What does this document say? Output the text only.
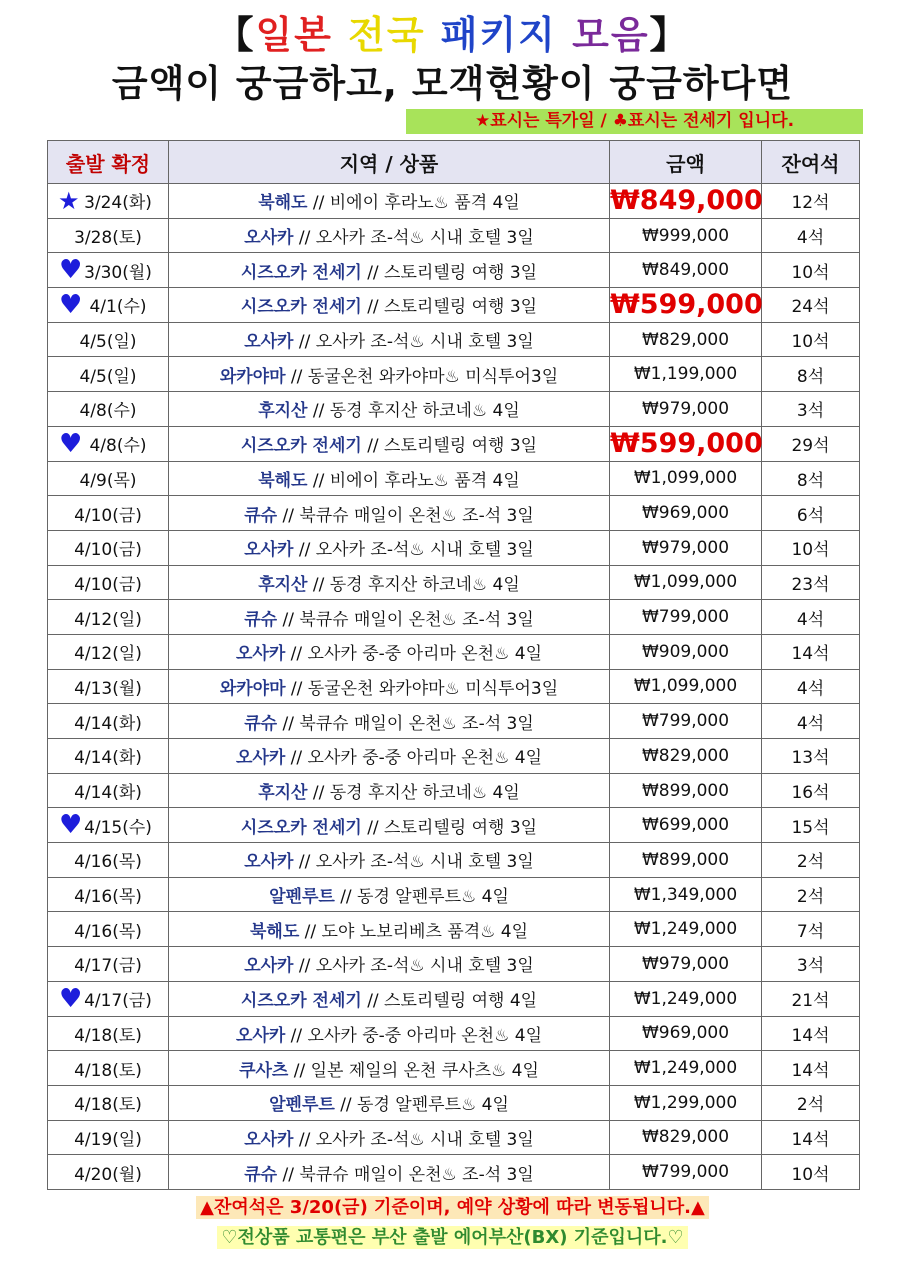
【일본 전국 패키지 모음】
금액이 궁금하고, 모객현황이 궁금하다면
★표시는 특가일 / ♣표시는 전세기 입니다.
출발 확정	지역 / 상품	금액	잔여석

★ 3/24(화)	북해도 // 비에이 후라노♨ 품격 4일	₩849,000	12석
3/28(토)	오사카 // 오사카 조-석♨ 시내 호텔 3일	₩999,000	4석

♥ 3/30(월)	시즈오카 전세기 // 스토리텔링 여행 3일	₩849,000	10석

♥ 4/1(수)	시즈오카 전세기 // 스토리텔링 여행 3일	₩599,000	24석
4/5(일)	오사카 // 오사카 조-석♨ 시내 호텔 3일	₩829,000	10석
4/5(일)	와카야마 // 동굴온천 와카야마♨ 미식투어3일	₩1,199,000	8석
4/8(수)	후지산 // 동경 후지산 하코네♨ 4일	₩979,000	3석

♥ 4/8(수)	시즈오카 전세기 // 스토리텔링 여행 3일	₩599,000	29석
4/9(목)	북해도 // 비에이 후라노♨ 품격 4일	₩1,099,000	8석
4/10(금)	큐슈 // 북큐슈 매일이 온천♨ 조-석 3일	₩969,000	6석
4/10(금)	오사카 // 오사카 조-석♨ 시내 호텔 3일	₩979,000	10석
4/10(금)	후지산 // 동경 후지산 하코네♨ 4일	₩1,099,000	23석
4/12(일)	큐슈 // 북큐슈 매일이 온천♨ 조-석 3일	₩799,000	4석
4/12(일)	오사카 // 오사카 중-중 아리마 온천♨ 4일	₩909,000	14석
4/13(월)	와카야마 // 동굴온천 와카야마♨ 미식투어3일	₩1,099,000	4석
4/14(화)	큐슈 // 북큐슈 매일이 온천♨ 조-석 3일	₩799,000	4석
4/14(화)	오사카 // 오사카 중-중 아리마 온천♨ 4일	₩829,000	13석
4/14(화)	후지산 // 동경 후지산 하코네♨ 4일	₩899,000	16석

♥ 4/15(수)	시즈오카 전세기 // 스토리텔링 여행 3일	₩699,000	15석
4/16(목)	오사카 // 오사카 조-석♨ 시내 호텔 3일	₩899,000	2석
4/16(목)	알펜루트 // 동경 알펜루트♨ 4일	₩1,349,000	2석
4/16(목)	북해도 // 도야 노보리베츠 품격♨ 4일	₩1,249,000	7석
4/17(금)	오사카 // 오사카 조-석♨ 시내 호텔 3일	₩979,000	3석

♥ 4/17(금)	시즈오카 전세기 // 스토리텔링 여행 4일	₩1,249,000	21석
4/18(토)	오사카 // 오사카 중-중 아리마 온천♨ 4일	₩969,000	14석
4/18(토)	쿠사츠 // 일본 제일의 온천 쿠사츠♨ 4일	₩1,249,000	14석
4/18(토)	알펜루트 // 동경 알펜루트♨ 4일	₩1,299,000	2석
4/19(일)	오사카 // 오사카 조-석♨ 시내 호텔 3일	₩829,000	14석
4/20(월)	큐슈 // 북큐슈 매일이 온천♨ 조-석 3일	₩799,000	10석
▲잔여석은 3/20(금) 기준이며, 예약 상황에 따라 변동됩니다.▲
♡전상품 교통편은 부산 출발 에어부산(BX) 기준입니다.♡
